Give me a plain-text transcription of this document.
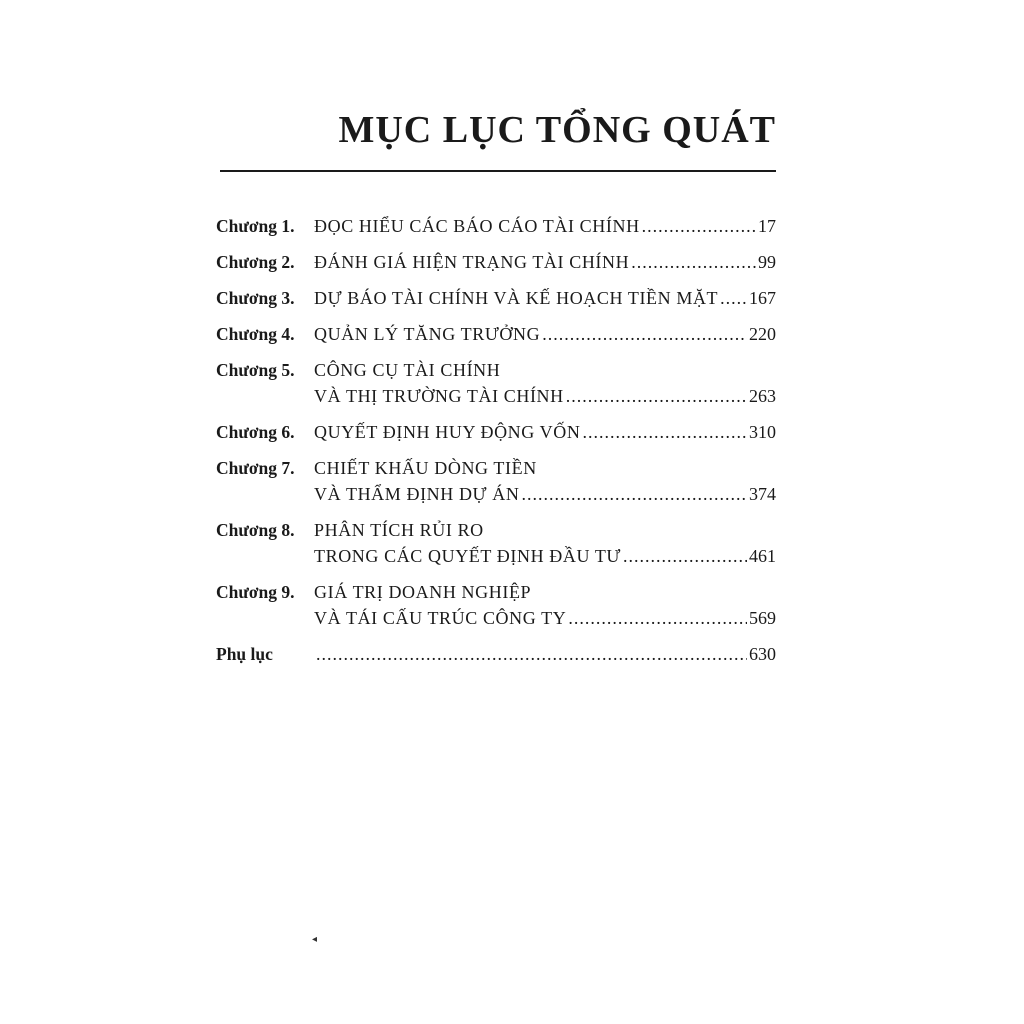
MỤC LỤC TỔNG QUÁT
Chương 1.	ĐỌC HIỂU CÁC BÁO CÁO TÀI CHÍNH .....	17
Chương 2.	ĐÁNH GIÁ HIỆN TRẠNG TÀI CHÍNH .....	99
Chương 3.	DỰ BÁO TÀI CHÍNH VÀ KẾ HOẠCH TIỀN MẶT ..... 167
Chương 4.	QUẢN LÝ TĂNG TRƯỞNG .....	220
Chương 5.	CÔNG CỤ TÀI CHÍNH
VÀ THỊ TRƯỜNG TÀI CHÍNH .....	263
Chương 6.	QUYẾT ĐỊNH HUY ĐỘNG VỐN .....	310
Chương 7.	CHIẾT KHẤU DÒNG TIỀN
VÀ THẨM ĐỊNH DỰ ÁN .....	374
Chương 8.	PHÂN TÍCH RỦI RO
TRONG CÁC QUYẾT ĐỊNH ĐẦU TƯ .....	461
Chương 9.	GIÁ TRỊ DOANH NGHIỆP
VÀ TÁI CẤU TRÚC CÔNG TY .....	569
Phụ lục .....	630
◂
